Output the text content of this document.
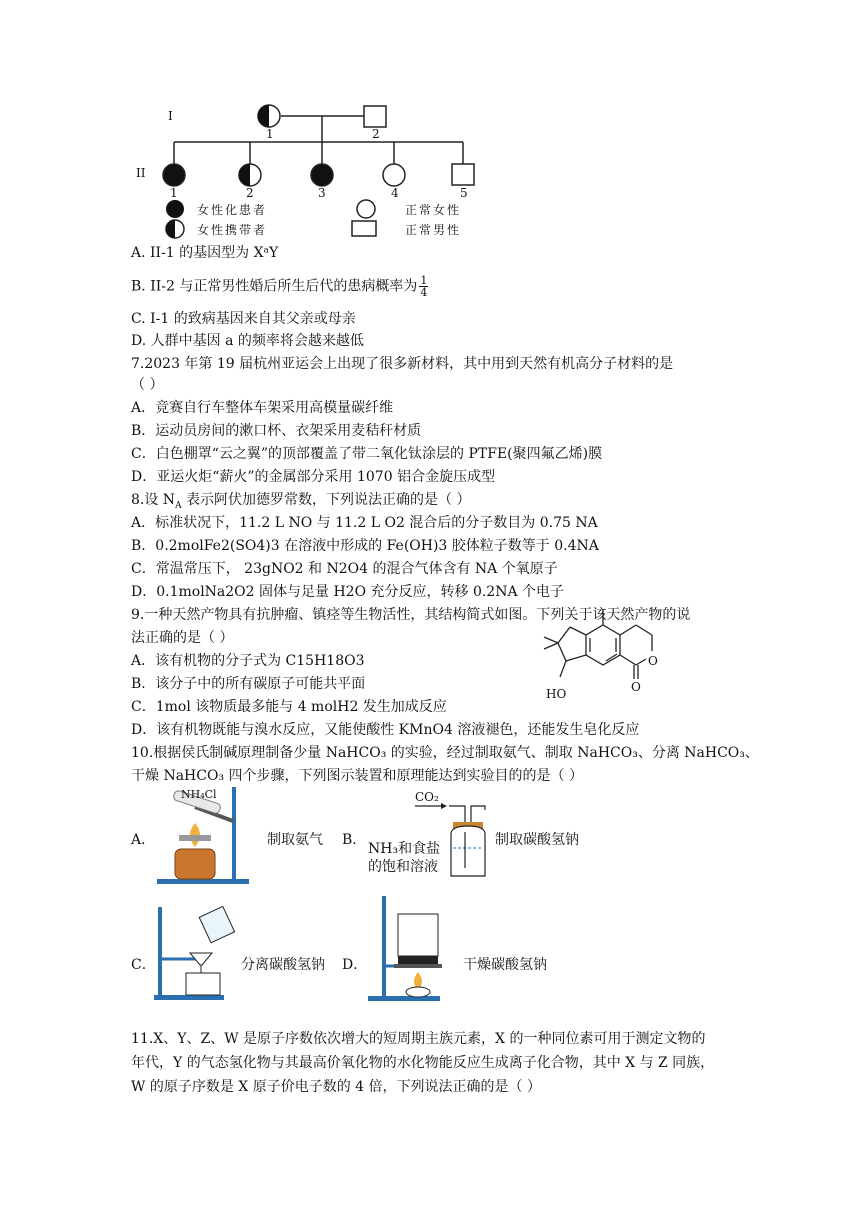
I
II
1	2
1	2	3	4	5
女性化患者	正常女性
女性携带者	正常男性
A. II-1 的基因型为 XᵃY
B. II-2 与正常男性婚后所生后代的患病概率为 $\frac{1}{4}$
C. I-1 的致病基因来自其父亲或母亲
D. 人群中基因 a 的频率将会越来越低
7.2023 年第 19 届杭州亚运会上出现了很多新材料，其中用到天然有机高分子材料的是
（ ）
A．竞赛自行车整体车架采用高模量碳纤维
B．运动员房间的漱口杯、衣架采用麦秸秆材质
C．白色棚罩“云之翼”的顶部覆盖了带二氧化钛涂层的 PTFE(聚四氟乙烯)膜
D．亚运火炬“薪火”的金属部分采用 1070 铝合金旋压成型
8.设 $N_A$ 表示阿伏加德罗常数，下列说法正确的是（ ）
A．标准状况下，11.2 L NO 与 11.2 L O2 混合后的分子数目为 0.75 NA
B．0.2molFe2(SO4)3 在溶液中形成的 Fe(OH)3 胶体粒子数等于 0.4NA
C．常温常压下， 23gNO2 和 N2O4 的混合气体含有 NA 个氧原子
D．0.1molNa2O2 固体与足量 H2O 充分反应，转移 0.2NA 个电子
9.一种天然产物具有抗肿瘤、镇痉等生物活性，其结构简式如图。下列关于该天然产物的说
法正确的是（ ）
A．该有机物的分子式为 C15H18O3
B．该分子中的所有碳原子可能共平面
C．1mol 该物质最多能与 4 molH2 发生加成反应
D．该有机物既能与溴水反应，又能使酸性 KMnO4 溶液褪色，还能发生皂化反应
HO
O
O
10.根据侯氏制碱原理制备少量 NaHCO₃ 的实验，经过制取氨气、制取 NaHCO₃、分离 NaHCO₃、
干燥 NaHCO₃ 四个步骤，下列图示装置和原理能达到实验目的的是（ ）
A．
NH₄Cl
制取氨气 B．
CO₂
NH₃和食盐
的饱和溶液
制取碳酸氢钠
C．	分离碳酸氢钠 D．	干燥碳酸氢钠
11.X、Y、Z、W 是原子序数依次增大的短周期主族元素，X 的一种同位素可用于测定文物的
年代，Y 的气态氢化物与其最高价氧化物的水化物能反应生成离子化合物，其中 X 与 Z 同族，
W 的原子序数是 X 原子价电子数的 4 倍，下列说法正确的是（ ）
